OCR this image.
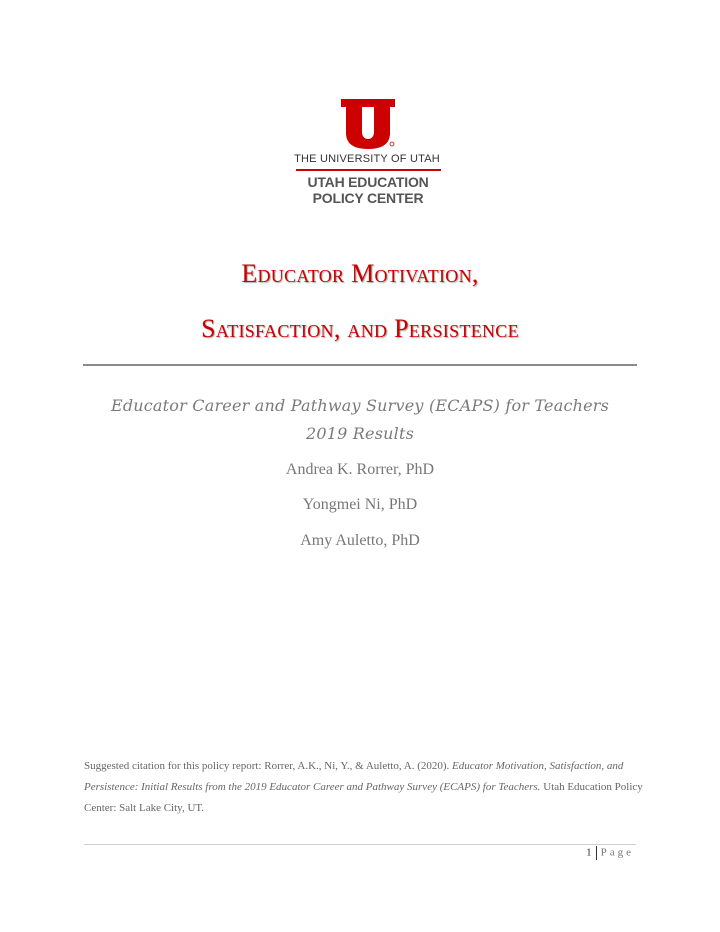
THE UNIVERSITY OF UTAH
UTAH EDUCATION
POLICY CENTER
Educator Motivation,
Satisfaction, and Persistence
Educator Career and Pathway Survey (ECAPS) for Teachers
2019 Results
Andrea K. Rorrer, PhD
Yongmei Ni, PhD
Amy Auletto, PhD
Suggested citation for this policy report: Rorrer, A.K., Ni, Y., & Auletto, A. (2020). Educator Motivation, Satisfaction, and Persistence: Initial Results from the 2019 Educator Career and Pathway Survey (ECAPS) for Teachers. Utah Education Policy Center: Salt Lake City, UT.
1 Page
